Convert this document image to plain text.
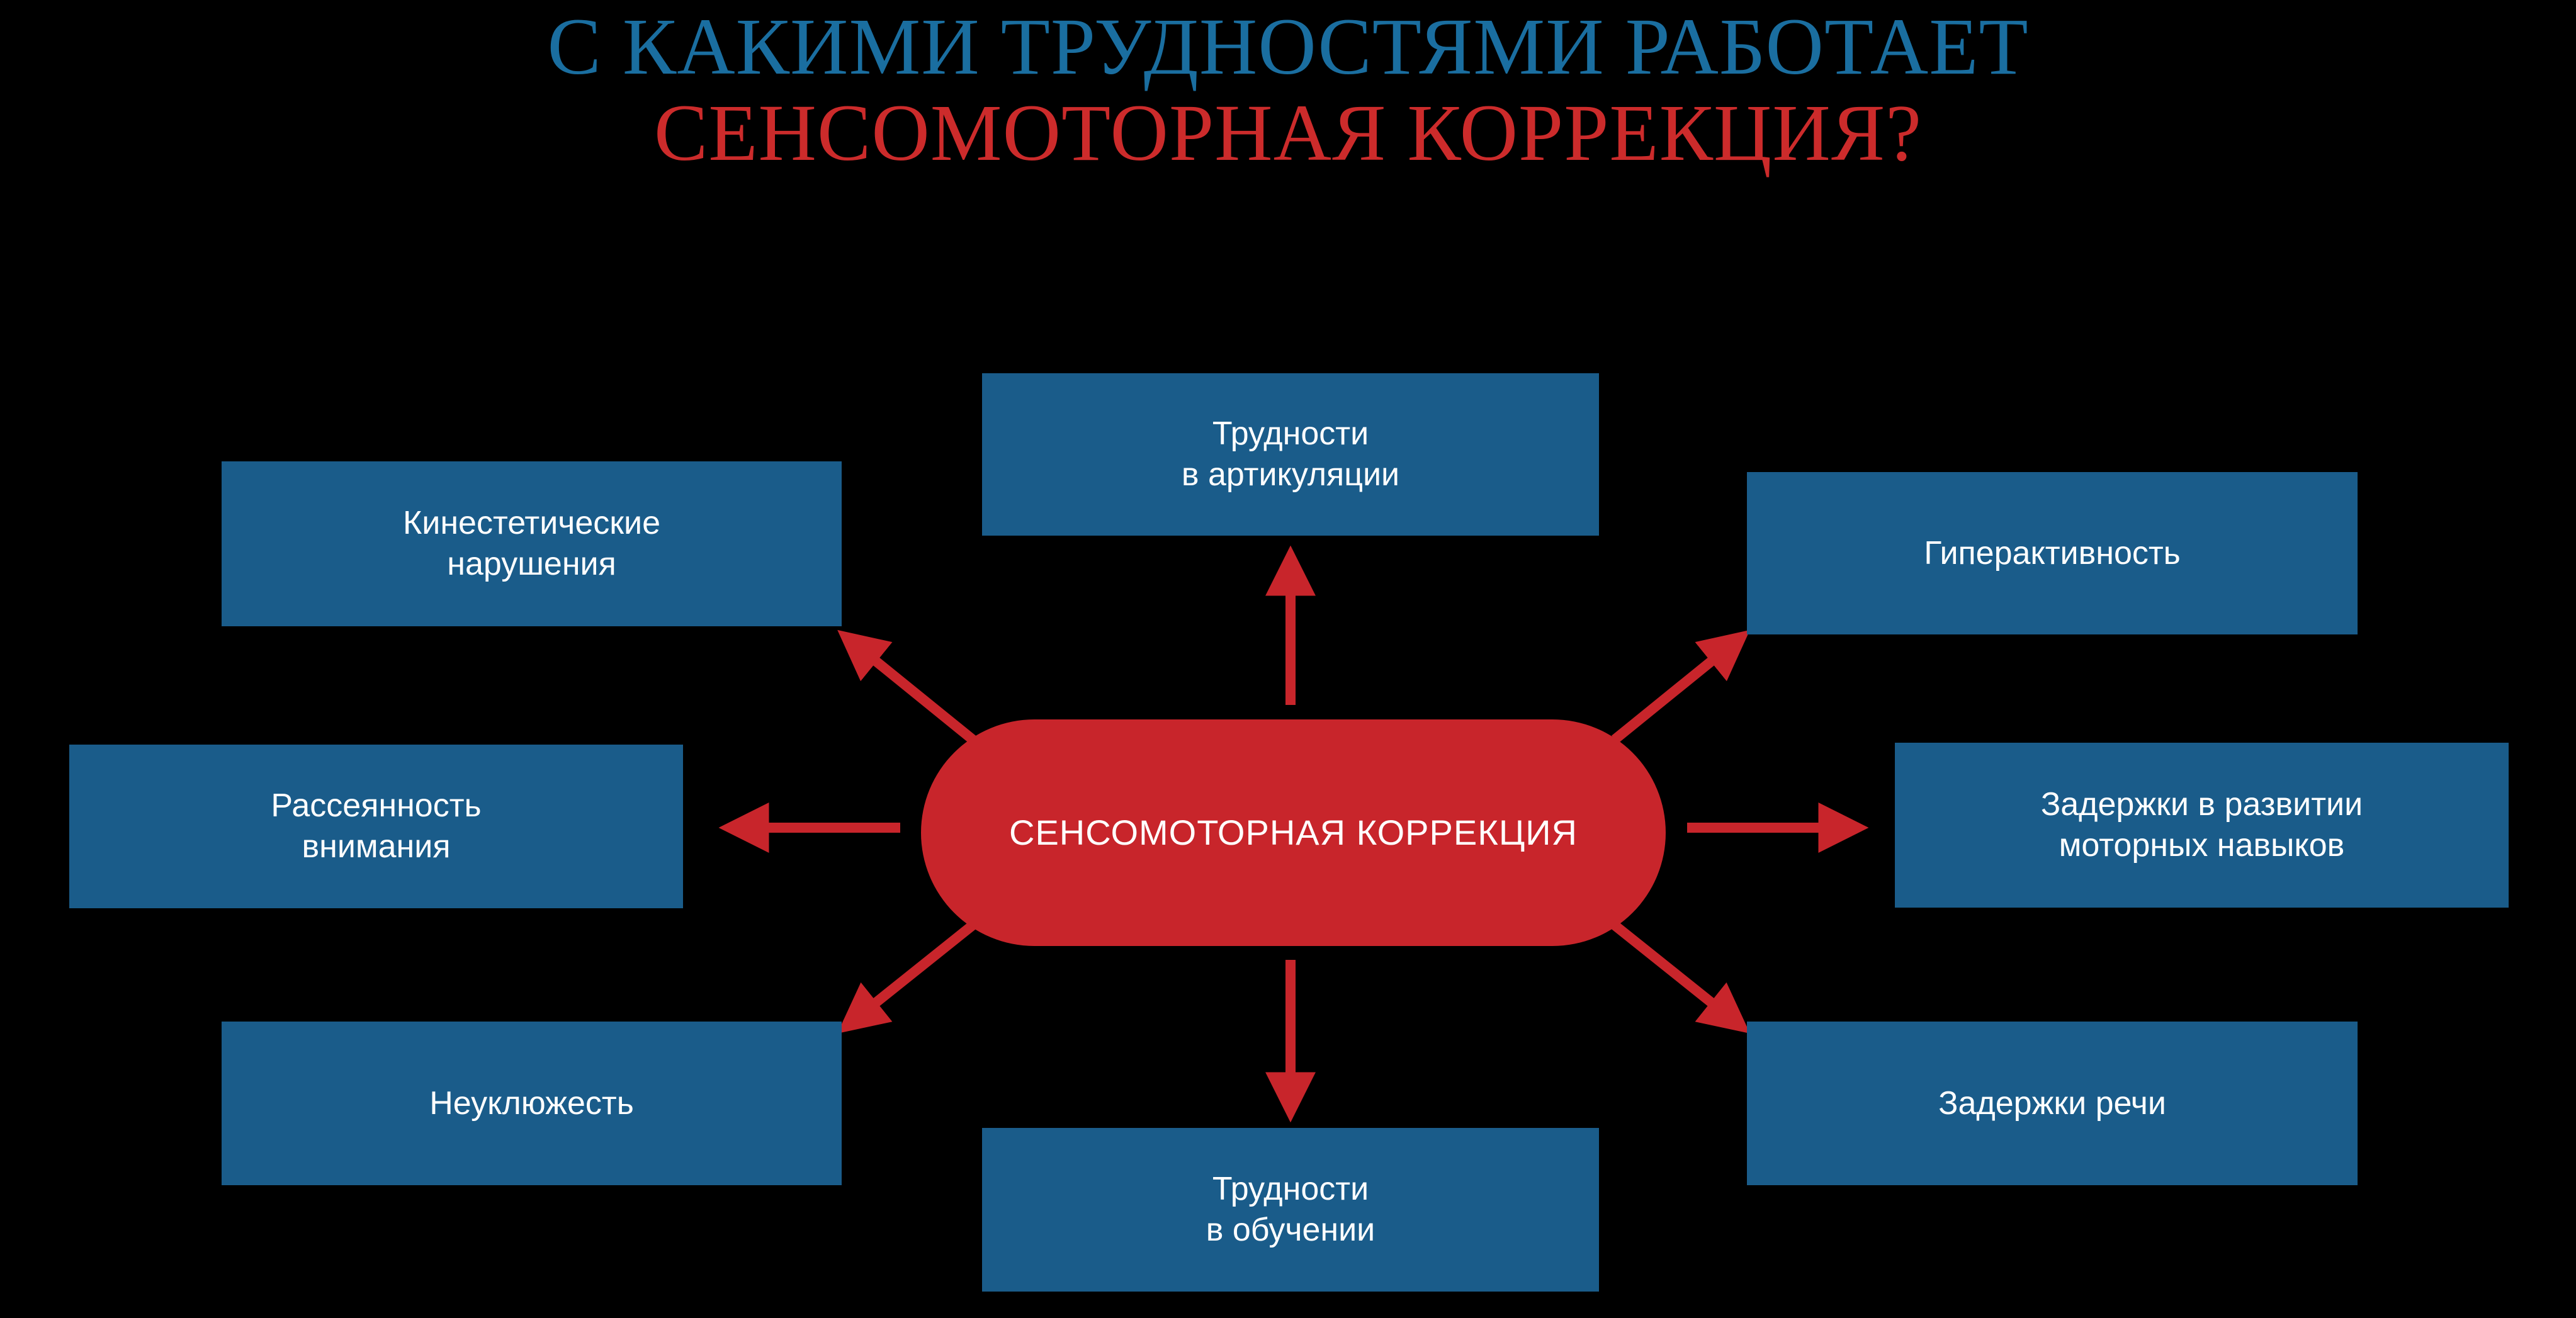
С КАКИМИ ТРУДНОСТЯМИ РАБОТАЕТ
СЕНСОМОТОРНАЯ КОРРЕКЦИЯ?
СЕНСОМОТОРНАЯ КОРРЕКЦИЯ
Трудности
в артикуляции
Кинестетические
нарушения	Гиперактивность
Рассеянность
внимания
Задержки в развитии
моторных навыков
Неуклюжесть	Задержки речи
Трудности
в обучении
